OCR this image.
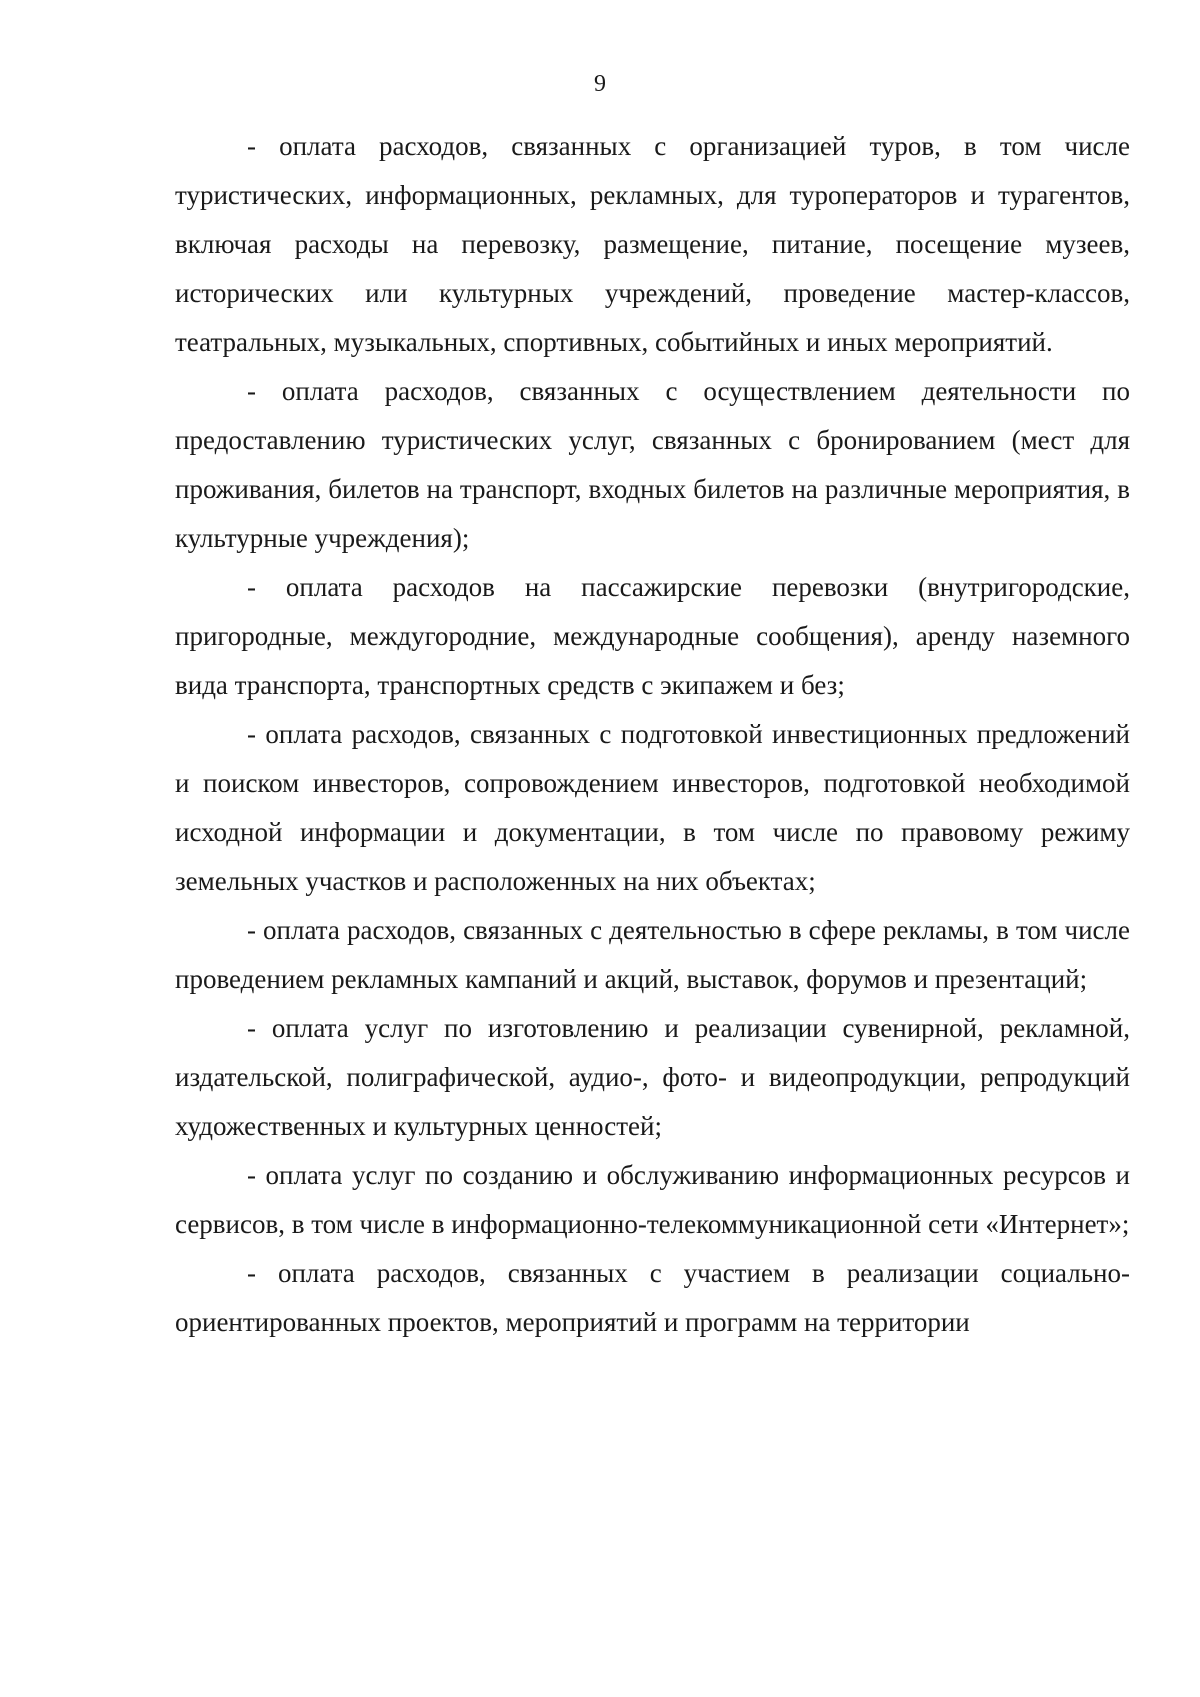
9

- оплата расходов, связанных с организацией туров, в том числе туристических, информационных, рекламных, для туроператоров и турагентов, включая расходы на перевозку, размещение, питание, посещение музеев, исторических или культурных учреждений, проведение мастер-классов, театральных, музыкальных, спортивных, событийных и иных мероприятий.

- оплата расходов, связанных с осуществлением деятельности по предоставлению туристических услуг, связанных с бронированием (мест для проживания, билетов на транспорт, входных билетов на различные мероприятия, в культурные учреждения);

- оплата расходов на пассажирские перевозки (внутригородские, пригородные, междугородние, международные сообщения), аренду наземного вида транспорта, транспортных средств с экипажем и без;

- оплата расходов, связанных с подготовкой инвестиционных предложений и поиском инвесторов, сопровождением инвесторов, подготовкой необходимой исходной информации и документации, в том числе по правовому режиму земельных участков и расположенных на них объектах;

- оплата расходов, связанных с деятельностью в сфере рекламы, в том числе проведением рекламных кампаний и акций, выставок, форумов и презентаций;

- оплата услуг по изготовлению и реализации сувенирной, рекламной, издательской, полиграфической, аудио-, фото- и видеопродукции, репродукций художественных и культурных ценностей;

- оплата услуг по созданию и обслуживанию информационных ресурсов и сервисов, в том числе в информационно-телекоммуникационной сети «Интернет»;

- оплата расходов, связанных с участием в реализации социально-ориентированных проектов, мероприятий и программ на территории
